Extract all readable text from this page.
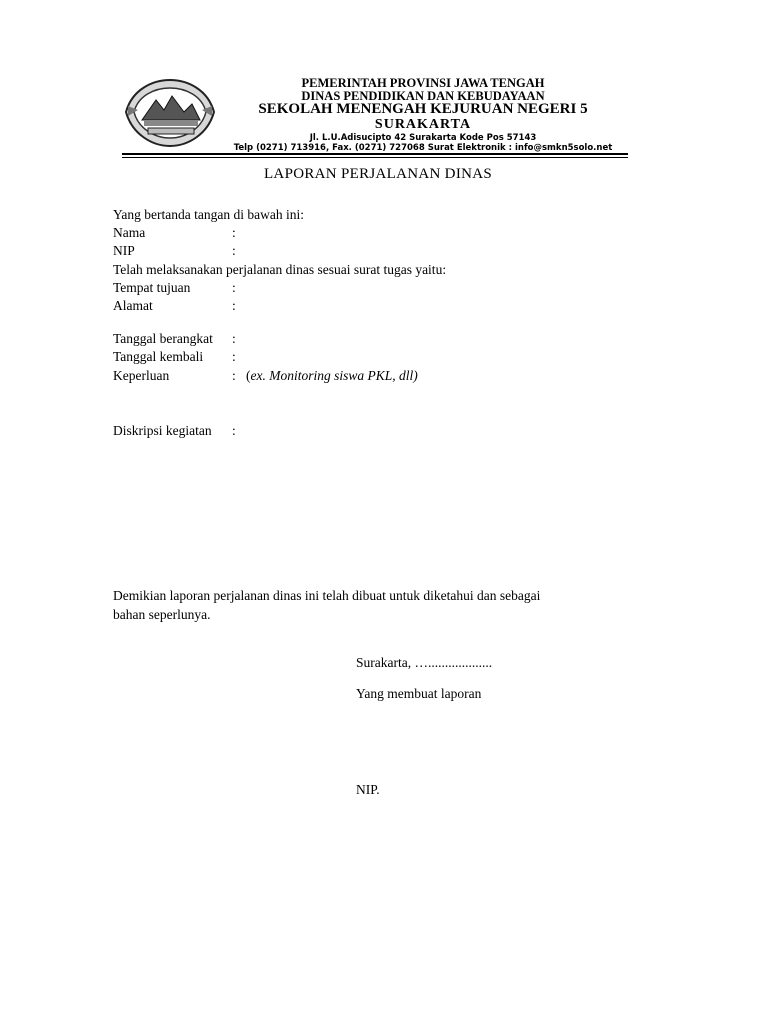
PEMERINTAH PROVINSI JAWA TENGAH
DINAS PENDIDIKAN DAN KEBUDAYAAN
SEKOLAH MENENGAH KEJURUAN NEGERI 5
SURAKARTA
Jl. L.U.Adisucipto 42 Surakarta Kode Pos 57143
Telp (0271) 713916, Fax. (0271) 727068 Surat Elektronik : info@smkn5solo.net
LAPORAN PERJALANAN DINAS
Yang bertanda tangan di bawah ini:
Nama	:
NIP	:
Telah melaksanakan perjalanan dinas sesuai surat tugas yaitu:
Tempat tujuan	:
Alamat	:
Tanggal berangkat :
Tanggal kembali :
Keperluan	: (ex. Monitoring siswa PKL, dll)
Diskripsi kegiatan :
Demikian laporan perjalanan dinas ini telah dibuat untuk diketahui dan sebagai
bahan seperlunya.
Surakarta, …...................
Yang membuat laporan
NIP.
